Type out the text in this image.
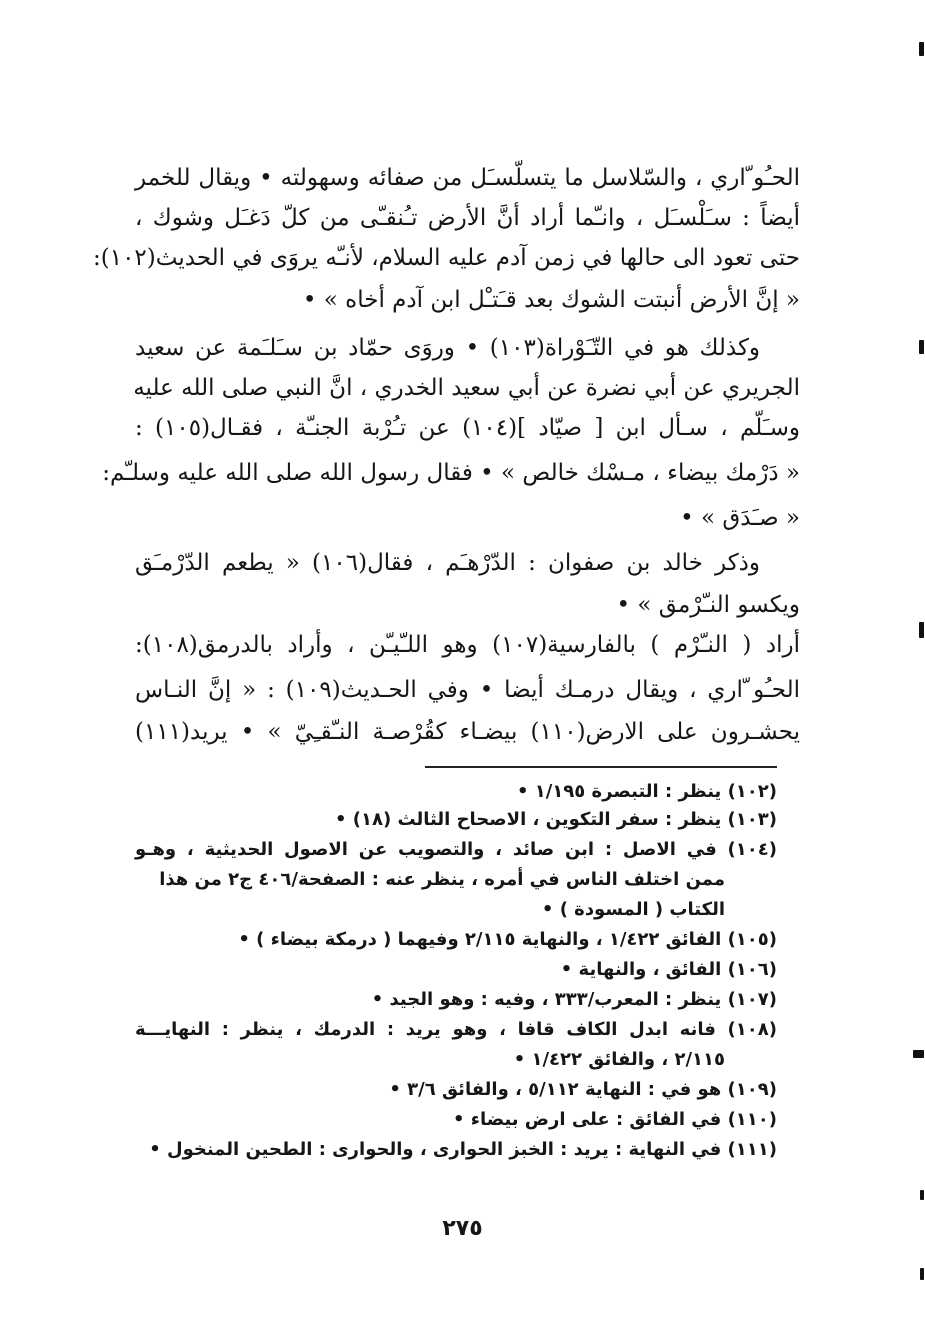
الحـُو ّاري ، والسّلاسل ما يتسلّسـَل من صفائه وسهولته • ويقال للخمر
أيضاً : سـَلْسـَل ، وانـّما أراد أنَّ الأرض تـُنقـّى من كلّ دَغـَل وشوك ،
حتى تعود الى حالها في زمن آدم عليه السلام، لأنـّه يروَى في الحديث(١٠٢):
« إنَّ الأرض أنبتت الشوك بعد قـَتـْل ابن آدم أخاه » •
وكذلك هو في التّـَوْراة(١٠٣) • وروَى حمّاد بن سـَلـَمة عن سعيد
الجريري عن أبي نضرة عن أبي سعيد الخدري ، انَّ النبي صلى الله عليه
وسـَلّم ، سـأل ابن [ صيّاد ](١٠٤) عن تـُرْبة الجنـّة ، فقـال(١٠٥) :
« دَرْمك بيضاء ، مـسْك خالص » • فقال رسول الله صلى الله عليه وسلـّم:
« صـَدَق » •
وذكر خالد بن صفوان : الدّرْهـَم ، فقال(١٠٦) « يطعم الدّرْمـَق
ويكسو النـّرْمق » •
أراد ( النـّرْم ) بالفارسية(١٠٧) وهو اللـّيـّن ، وأراد بالدرمق(١٠٨):
الحـُو ّاري ، ويقال درمـك أيضا • وفي الحـديث(١٠٩) : « إنَّ النـاس
يحشـرون على الارض(١١٠) بيضـاء كقُرْصـة النـّقـِيّ » • يريد(١١١)
(١٠٢) ينظر : التبصرة ١/١٩٥ •
(١٠٣) ينظر : سفر التكوين ، الاصحاح الثالث (١٨) •
(١٠٤) في الاصل : ابن صائد ، والتصويب عن الاصول الحديثية ، وهـو
ممن اختلف الناس في أمره ، ينظر عنه : الصفحة/٤٠٦ ج٢ من هذا
الكتاب ( المسودة ) •
(١٠٥) الفائق ١/٤٢٢ ، والنهاية ٢/١١٥ وفيهما ( درمكة بيضاء ) •
(١٠٦) الفائق ، والنهاية •
(١٠٧) ينظر : المعرب/٣٣٣ ، وفيه : وهو الجيد •
(١٠٨) فانه ابدل الكاف قافا ، وهو يريد : الدرمك ، ينظر : النهايـــة
٢/١١٥ ، والفائق ١/٤٢٢ •
(١٠٩) هو في : النهاية ٥/١١٢ ، والفائق ٣/٦ •
(١١٠) في الفائق : على ارض بيضاء •
(١١١) في النهاية : يريد : الخبز الحوارى ، والحوارى : الطحين المنخول •
٢٧٥
